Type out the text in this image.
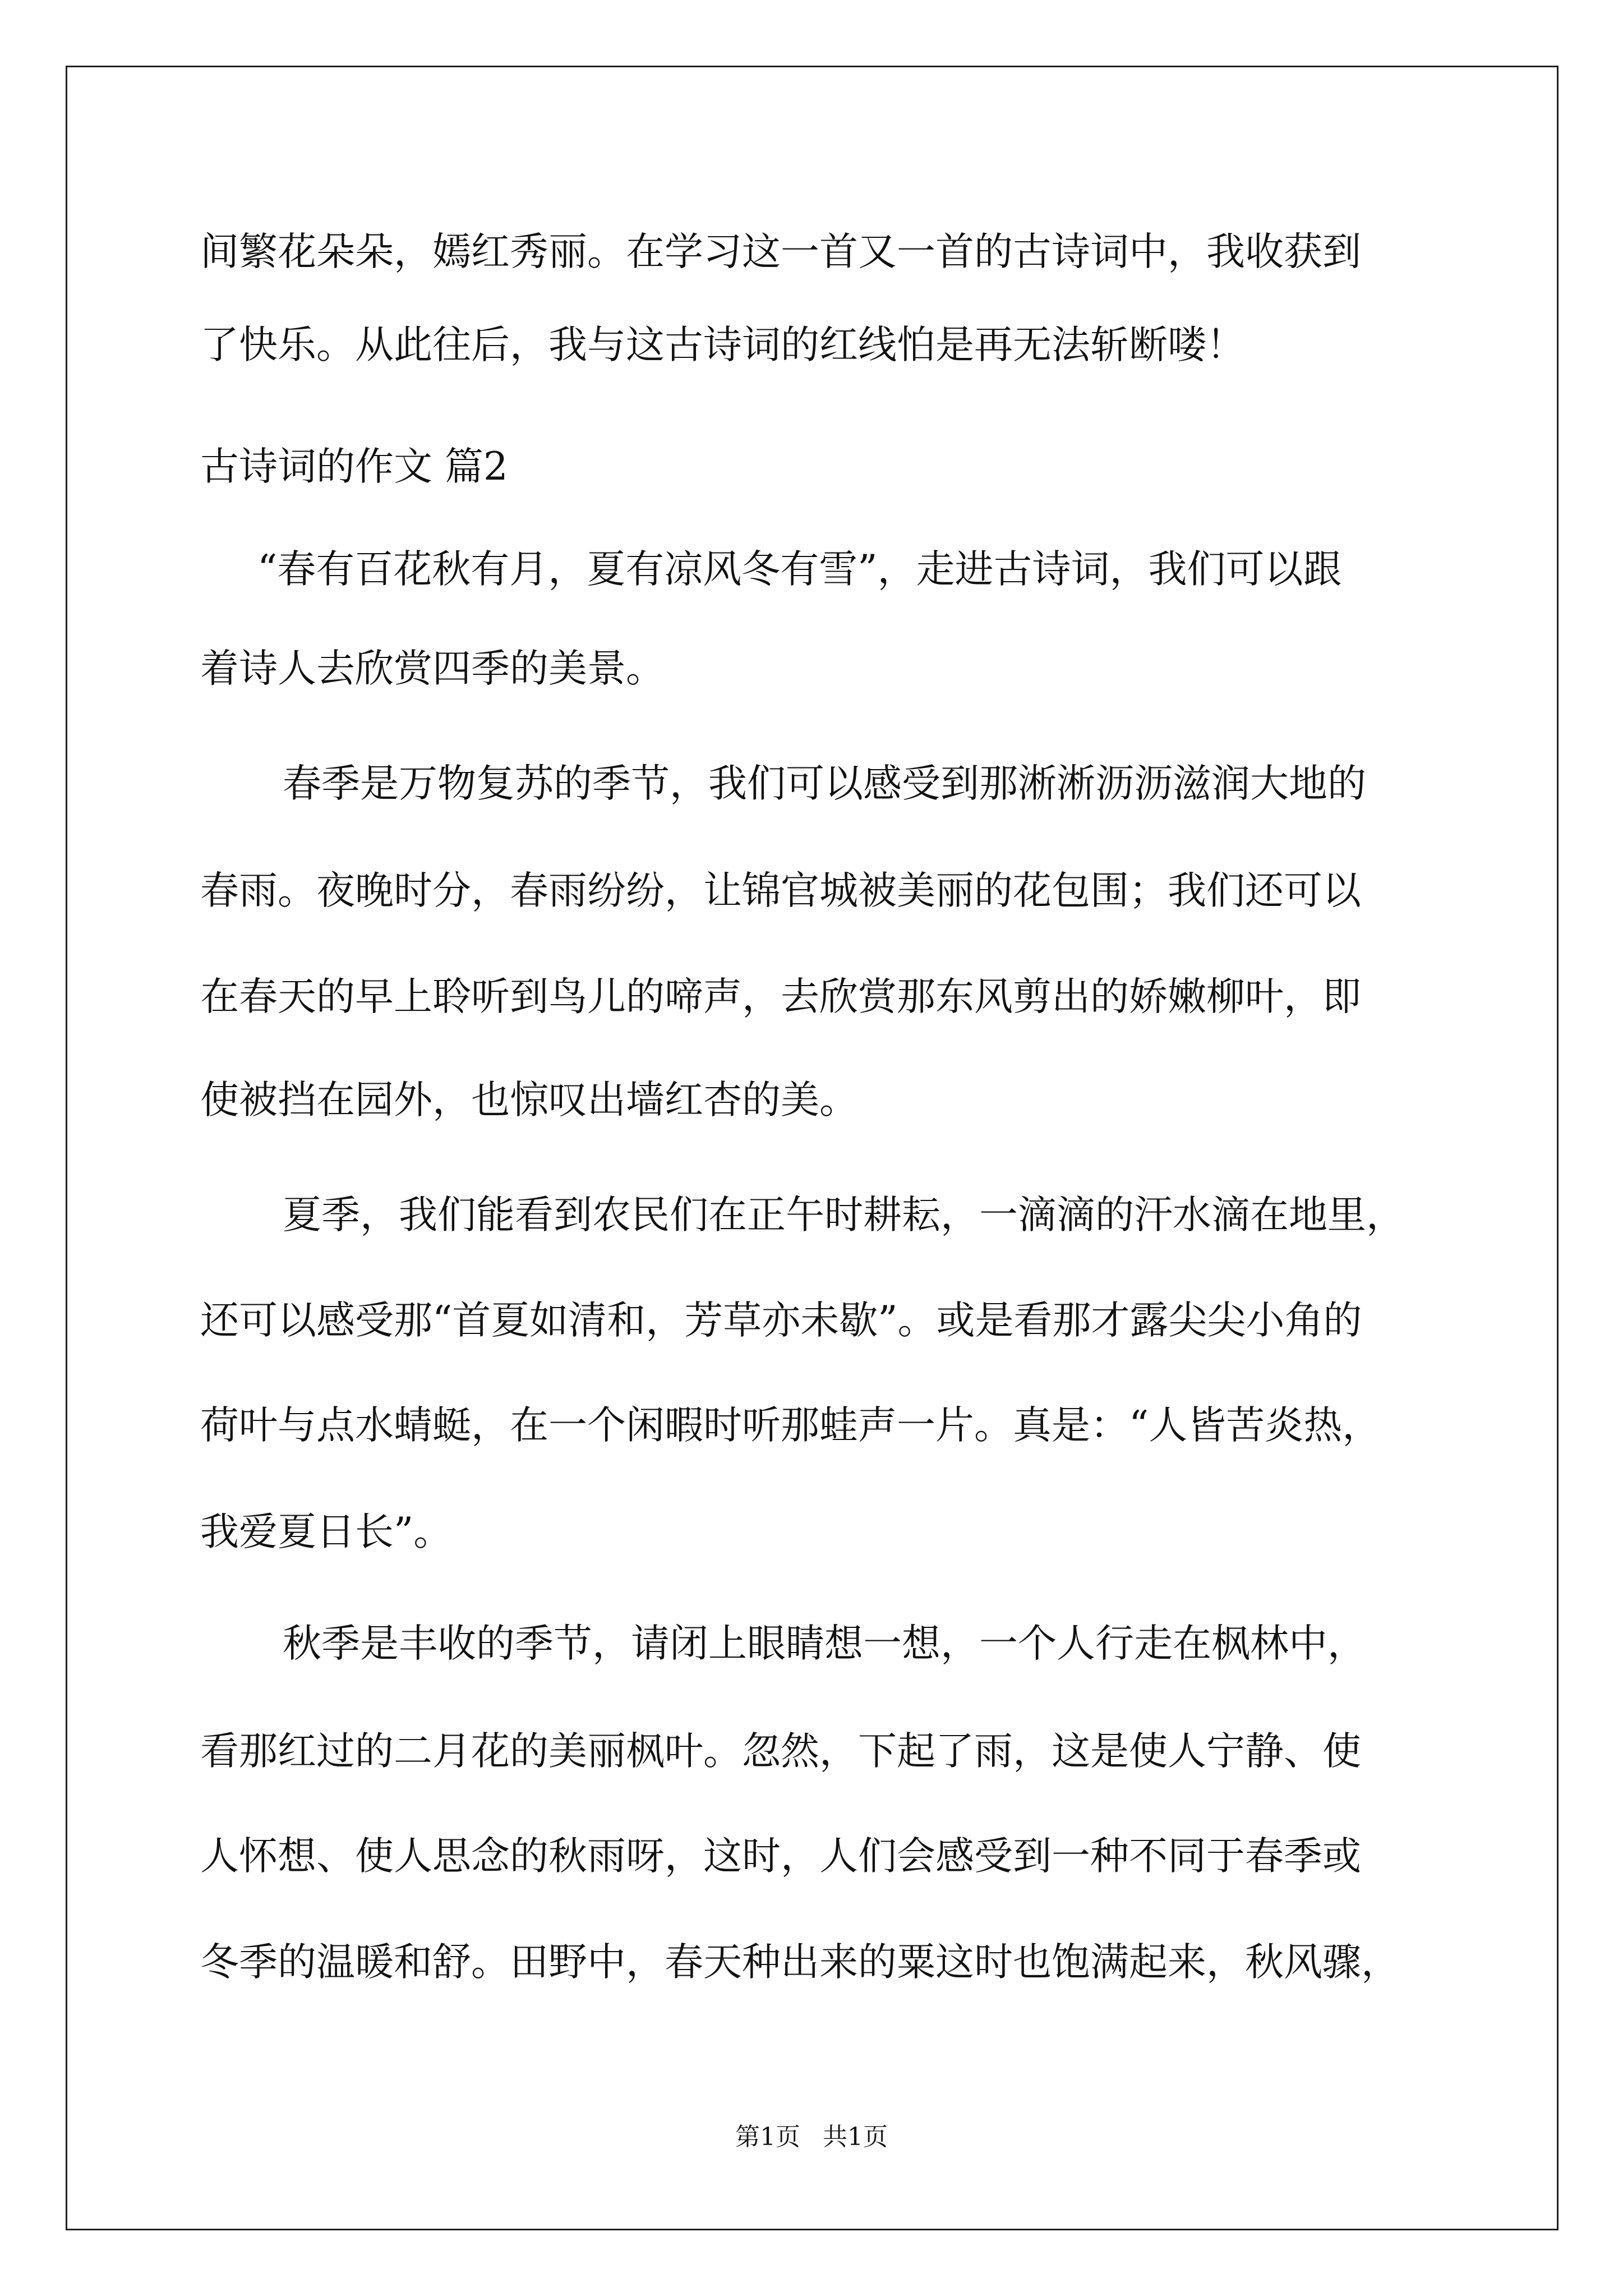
间繁花朵朵，嫣红秀丽。在学习这一首又一首的古诗词中，我收获到
了快乐。从此往后，我与这古诗词的红线怕是再无法斩断喽！
古诗词的作文 篇2
“春有百花秋有月，夏有凉风冬有雪”，走进古诗词，我们可以跟
着诗人去欣赏四季的美景。
春季是万物复苏的季节，我们可以感受到那淅淅沥沥滋润大地的
春雨。夜晚时分，春雨纷纷，让锦官城被美丽的花包围；我们还可以
在春天的早上聆听到鸟儿的啼声，去欣赏那东风剪出的娇嫩柳叶，即
使被挡在园外，也惊叹出墙红杏的美。
夏季，我们能看到农民们在正午时耕耘，一滴滴的汗水滴在地里，
还可以感受那“首夏如清和，芳草亦未歇”。或是看那才露尖尖小角的
荷叶与点水蜻蜓，在一个闲暇时听那蛙声一片。真是：“人皆苦炎热，
我爱夏日长”。
秋季是丰收的季节，请闭上眼睛想一想，一个人行走在枫林中，
看那红过的二月花的美丽枫叶。忽然，下起了雨，这是使人宁静、使
人怀想、使人思念的秋雨呀，这时，人们会感受到一种不同于春季或
冬季的温暖和舒。田野中，春天种出来的粟这时也饱满起来，秋风骤，
第1页 共1页
